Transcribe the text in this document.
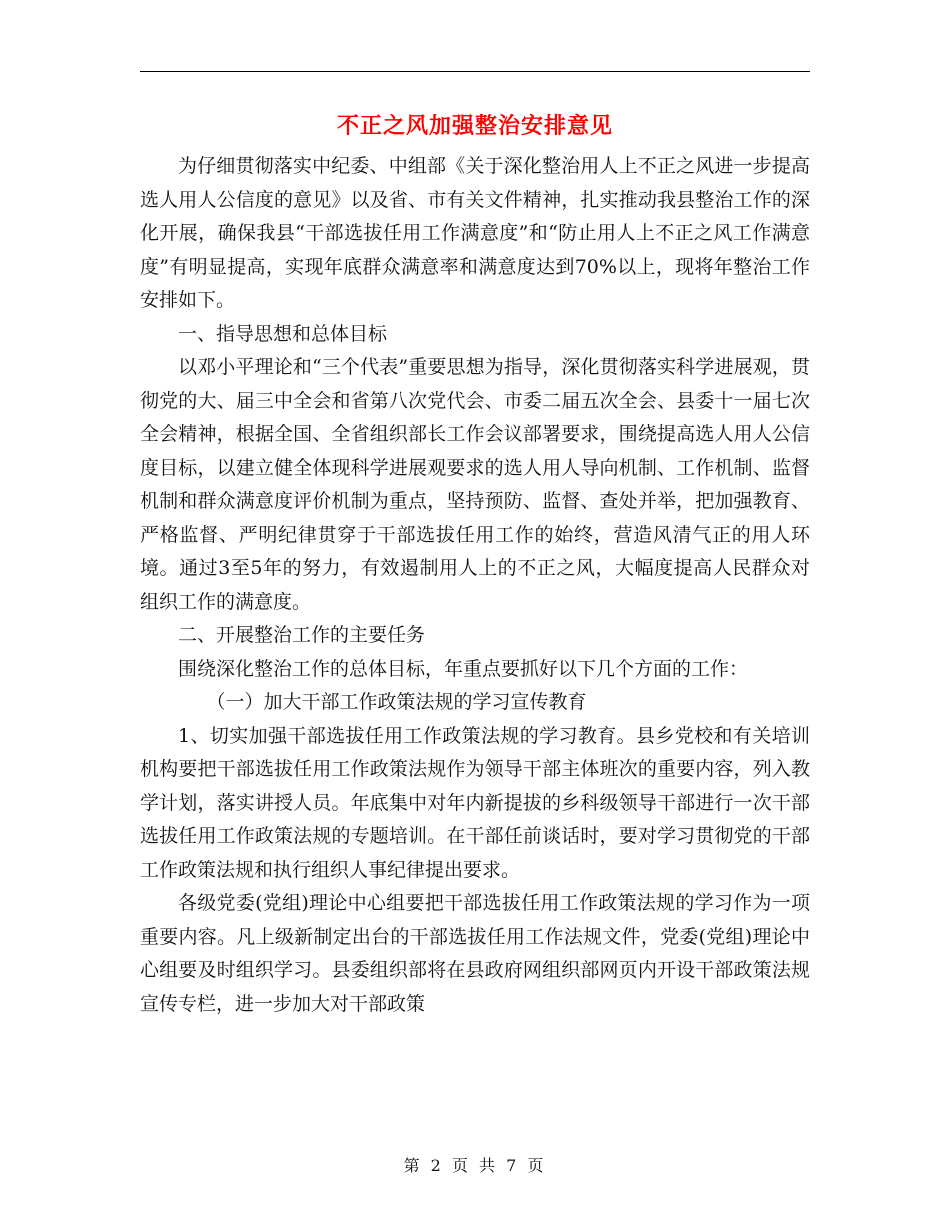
不正之风加强整治安排意见

为仔细贯彻落实中纪委、中组部《关于深化整治用人上不正之风进一步提高选人用人公信度的意见》以及省、市有关文件精神，扎实推动我县整治工作的深化开展，确保我县“干部选拔任用工作满意度”和“防止用人上不正之风工作满意度”有明显提高，实现年底群众满意率和满意度达到70%以上，现将年整治工作安排如下。

一、指导思想和总体目标

以邓小平理论和“三个代表”重要思想为指导，深化贯彻落实科学进展观，贯彻党的大、届三中全会和省第八次党代会、市委二届五次全会、县委十一届七次全会精神，根据全国、全省组织部长工作会议部署要求，围绕提高选人用人公信度目标，以建立健全体现科学进展观要求的选人用人导向机制、工作机制、监督机制和群众满意度评价机制为重点，坚持预防、监督、查处并举，把加强教育、严格监督、严明纪律贯穿于干部选拔任用工作的始终，营造风清气正的用人环境。通过3至5年的努力，有效遏制用人上的不正之风，大幅度提高人民群众对组织工作的满意度。

二、开展整治工作的主要任务

围绕深化整治工作的总体目标，年重点要抓好以下几个方面的工作：

（一）加大干部工作政策法规的学习宣传教育

1、切实加强干部选拔任用工作政策法规的学习教育。县乡党校和有关培训机构要把干部选拔任用工作政策法规作为领导干部主体班次的重要内容，列入教学计划，落实讲授人员。年底集中对年内新提拔的乡科级领导干部进行一次干部选拔任用工作政策法规的专题培训。在干部任前谈话时，要对学习贯彻党的干部工作政策法规和执行组织人事纪律提出要求。

各级党委(党组)理论中心组要把干部选拔任用工作政策法规的学习作为一项重要内容。凡上级新制定出台的干部选拔任用工作法规文件，党委(党组)理论中心组要及时组织学习。县委组织部将在县政府网组织部网页内开设干部政策法规宣传专栏，进一步加大对干部政策

第 2 页 共 7 页
